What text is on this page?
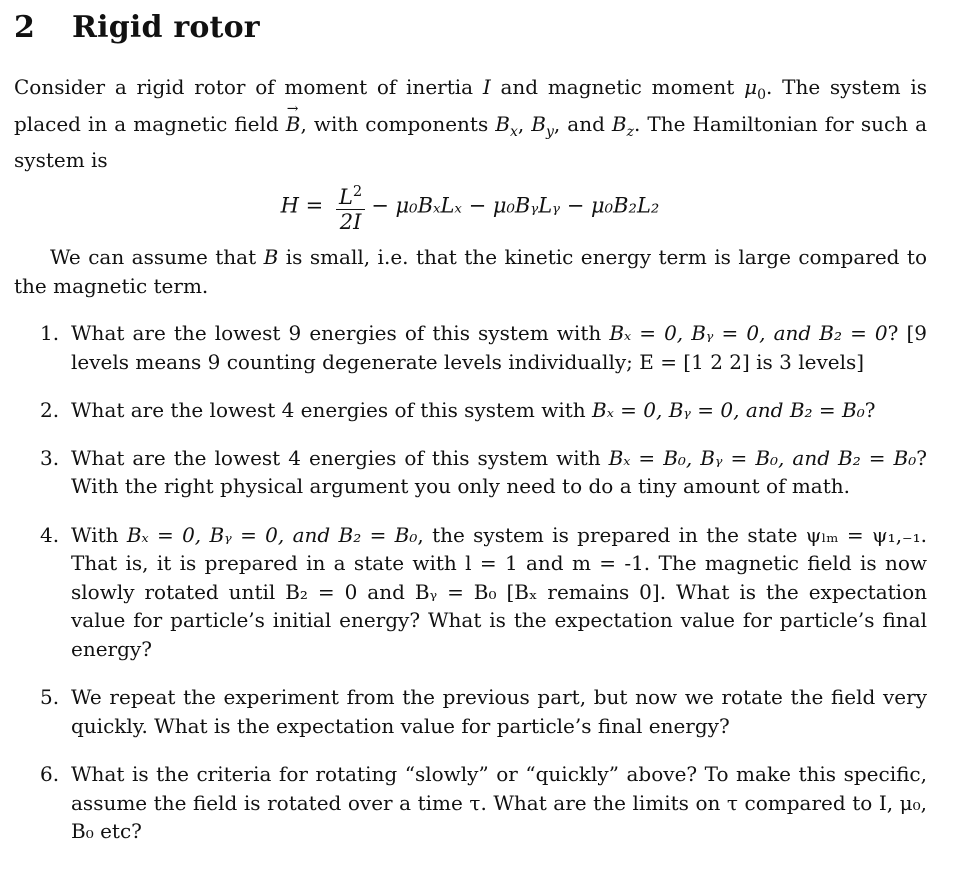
2 Rigid rotor

Consider a rigid rotor of moment of inertia I and magnetic moment $\mu_0$. The system is placed in a magnetic field → B, with components $B_x$, $B_y$, and $B_z$. The Hamiltonian for such a system is

$H = \frac{L^2}{2I} - \mu_0B_xL_x$ − μ₀BᵧLᵧ − μ₀B₂L₂

We can assume that B is small, i.e. that the kinetic energy term is large compared to the magnetic term.

1. What are the lowest 9 energies of this system with Bₓ = 0, Bᵧ = 0, and B₂ = 0? [9 levels means 9 counting degenerate levels individually; E = [1 2 2] is 3 levels]
2. What are the lowest 4 energies of this system with Bₓ = 0, Bᵧ = 0, and B₂ = B₀?
3. What are the lowest 4 energies of this system with Bₓ = B₀, Bᵧ = B₀, and B₂ = B₀? With the right physical argument you only need to do a tiny amount of math.
4. With Bₓ = 0, Bᵧ = 0, and B₂ = B₀, the system is prepared in the state ψₗₘ = ψ₁,₋₁. That is, it is prepared in a state with l = 1 and m = -1. The magnetic field is now slowly rotated until B₂ = 0 and Bᵧ = B₀ [Bₓ remains 0]. What is the expectation value for particle’s initial energy? What is the expectation value for particle’s final energy?
5. We repeat the experiment from the previous part, but now we rotate the field very quickly. What is the expectation value for particle’s final energy?
6. What is the criteria for rotating “slowly” or “quickly” above? To make this specific, assume the field is rotated over a time τ. What are the limits on τ compared to I, μ₀, B₀ etc?
